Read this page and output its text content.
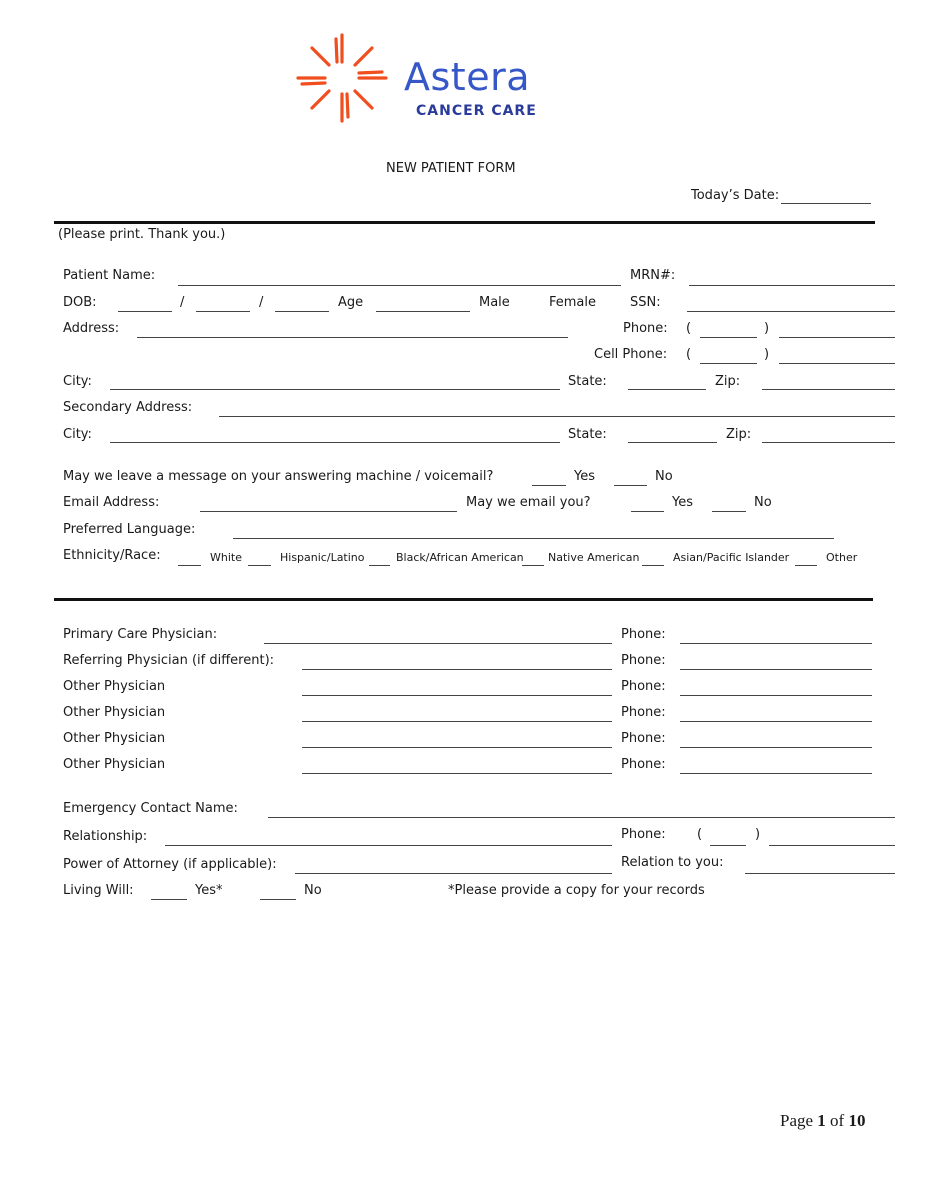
Astera
CANCER CARE
NEW PATIENT FORM
Today’s Date:
(Please print. Thank you.)
Patient Name:	MRN#:
DOB:	/	/	Age	Male	Female	SSN:
Address:	Phone: (	)
Cell Phone: (	)
City:	State:	Zip:
Secondary Address:
City:	State:	Zip:
May we leave a message on your answering machine / voicemail?	Yes	No
Email Address:	May we email you?	Yes	No
Preferred Language:
Ethnicity/Race:	White	Hispanic/Latino	Black/African American Native American	Asian/Pacific Islander	Other
Primary Care Physician:	Phone:
Referring Physician (if different):	Phone:
Other Physician	Phone:
Other Physician	Phone:
Other Physician	Phone:
Other Physician	Phone:
Emergency Contact Name:
Relationship:	Phone: (	)
Power of Attorney (if applicable):	Relation to you:
Living Will:	Yes*	No	*Please provide a copy for your records
Page 1 of 10
